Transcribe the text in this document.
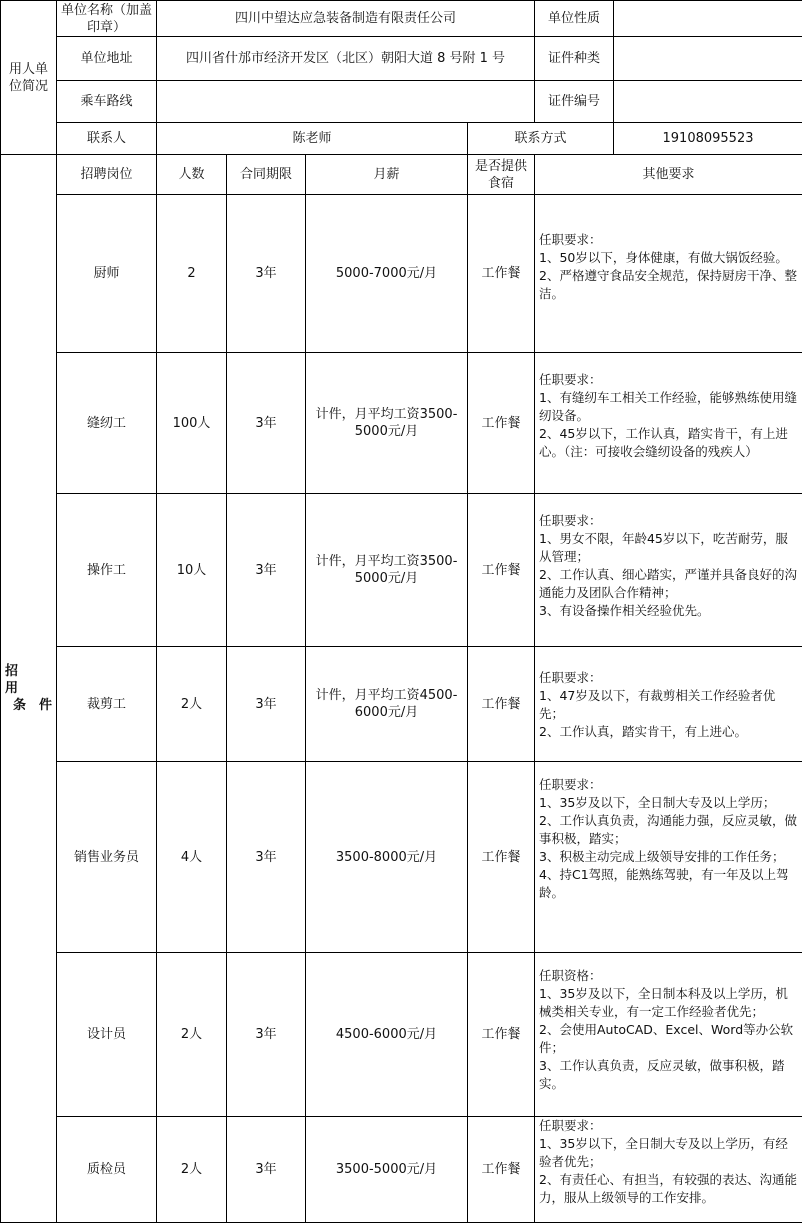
用人单位简况	单位名称（加盖印章）	四川中望达应急装备制造有限责任公司				单位性质	
	单位地址	四川省什邡市经济开发区（北区）朝阳大道 8 号附 1 号				证件种类	
	乘车路线					证件编号	
	联系人	陈老师			联系方式		19108095523

招
用
条　件	招聘岗位	人数	合同期限	月薪	是否提供食宿	其他要求	
	厨师	2	3年	5000-7000元/月	工作餐	任职要求：
1、50岁以下，身体健康，有做大锅饭经验。
2、严格遵守食品安全规范，保持厨房干净、整洁。	

	缝纫工	100人	3年	计件，月平均工资3500-5000元/月	工作餐	任职要求：
1、有缝纫车工相关工作经验，能够熟练使用缝纫设备。
2、45岁以下，工作认真，踏实肯干，有上进心。（注：可接收会缝纫设备的残疾人）	

	操作工	10人	3年	计件，月平均工资3500-5000元/月	工作餐	任职要求：
1、男女不限，年龄45岁以下，吃苦耐劳，服从管理；
2、工作认真、细心踏实，严谨并具备良好的沟通能力及团队合作精神；
3、有设备操作相关经验优先。	

	裁剪工	2人	3年	计件，月平均工资4500-6000元/月	工作餐	任职要求：
1、47岁及以下，有裁剪相关工作经验者优先；
2、工作认真，踏实肯干，有上进心。	

	销售业务员	4人	3年	3500-8000元/月	工作餐	任职要求：
1、35岁及以下，全日制大专及以上学历；
2、工作认真负责，沟通能力强，反应灵敏，做事积极，踏实；
3、积极主动完成上级领导安排的工作任务；
4、持C1驾照，能熟练驾驶，有一年及以上驾龄。	

	设计员	2人	3年	4500-6000元/月	工作餐	任职资格：
1、35岁及以下，全日制本科及以上学历，机械类相关专业，有一定工作经验者优先；
2、会使用AutoCAD、Excel、Word等办公软件；
3、工作认真负责，反应灵敏，做事积极，踏实。	

	质检员	2人	3年	3500-5000元/月	工作餐	任职要求：
1、35岁以下，全日制大专及以上学历，有经验者优先；
2、有责任心、有担当，有较强的表达、沟通能力，服从上级领导的工作安排。	
